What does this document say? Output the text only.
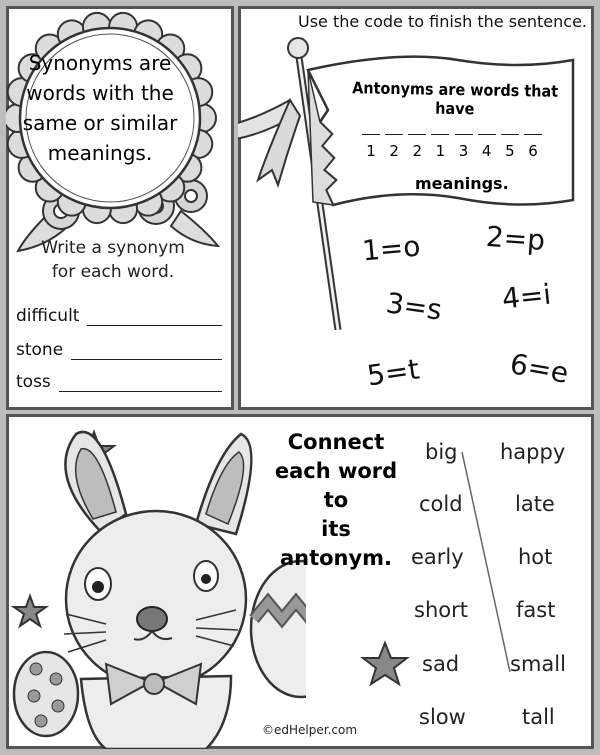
Synonyms are
words with the
same or similar
meanings.
Write a synonym
for each word.
difficult
stone
toss
Use the code to finish the sentence.
Antonyms are words that have
1 2 2 1 3 4 5 6
meanings.
1=o 2=p
3=s 4=i
5=t	6=e
Connect
each word to
its antonym.
big
cold
early
short
sad
slow
happy
late
hot
fast
small
tall
©edHelper.com
